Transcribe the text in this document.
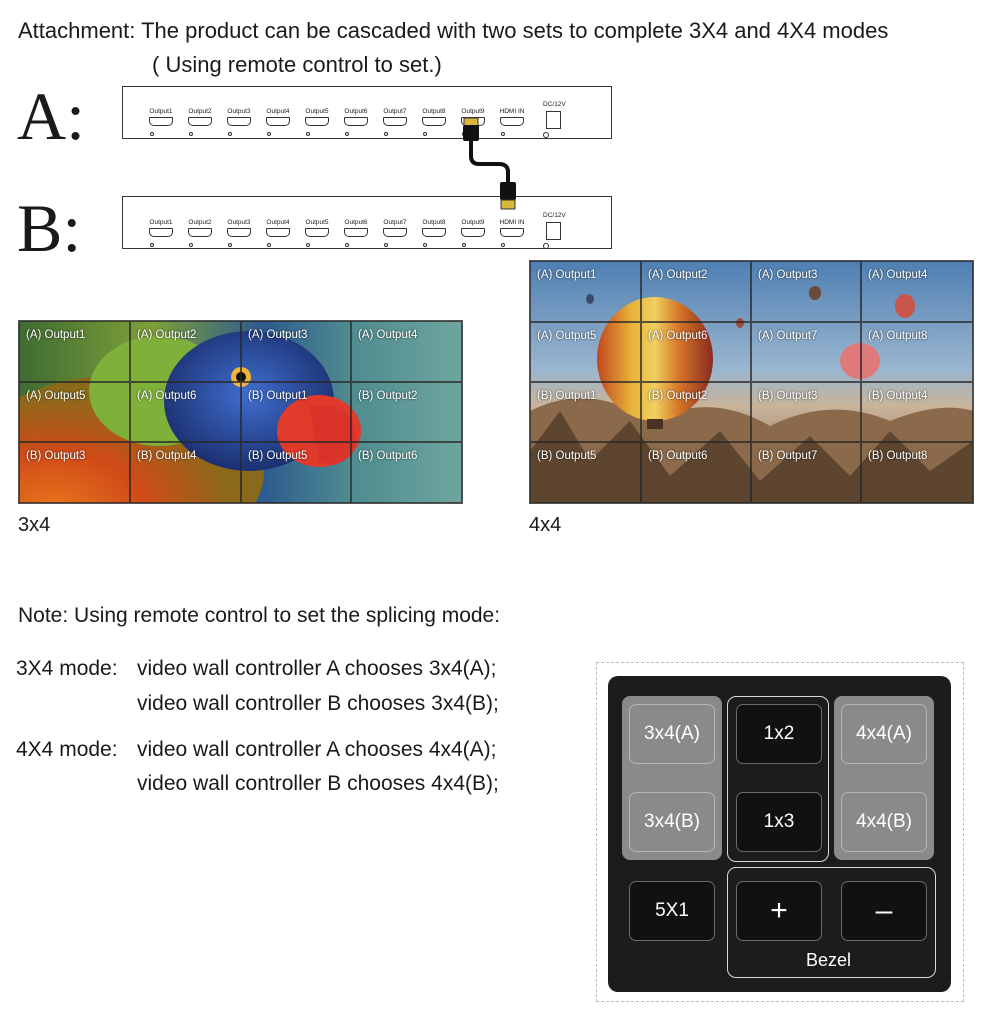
Attachment: The product can be cascaded with two sets to complete 3X4 and 4X4 modes
( Using remote control to set.)
A:	Output1	Output2	Output3	Output4	Output5	Output6	Output7	Output8	Output9	HDMI IN
DC/12V
B:	Output1	Output2	Output3	Output4	Output5	Output6	Output7	Output8	Output9	HDMI IN
DC/12V
(A) Output1	(A) Output2	(A) Output3	(A) Output4
(A) Output5	(A) Output6	(B) Output1	(B) Output2
(B) Output3	(B) Output4	(B) Output5	(B) Output6
3x4
(A) Output1	(A) Output2	(A) Output3	(A) Output4
(A) Output5	(A) Output6	(A) Output7	(A) Output8
(B) Output1	(B) Output2	(B) Output3	(B) Output4
(B) Output5	(B) Output6	(B) Output7	(B) Output8
4x4
Note: Using remote control to set the splicing mode:
3X4 mode: video wall controller A chooses 3x4(A);
video wall controller B chooses 3x4(B);
4X4 mode: video wall controller A chooses 4x4(A);
video wall controller B chooses 4x4(B);
3x4(A)
3x4(B)
1x2
1x3
4x4(A)
4x4(B)
5X1	+	–
Bezel
